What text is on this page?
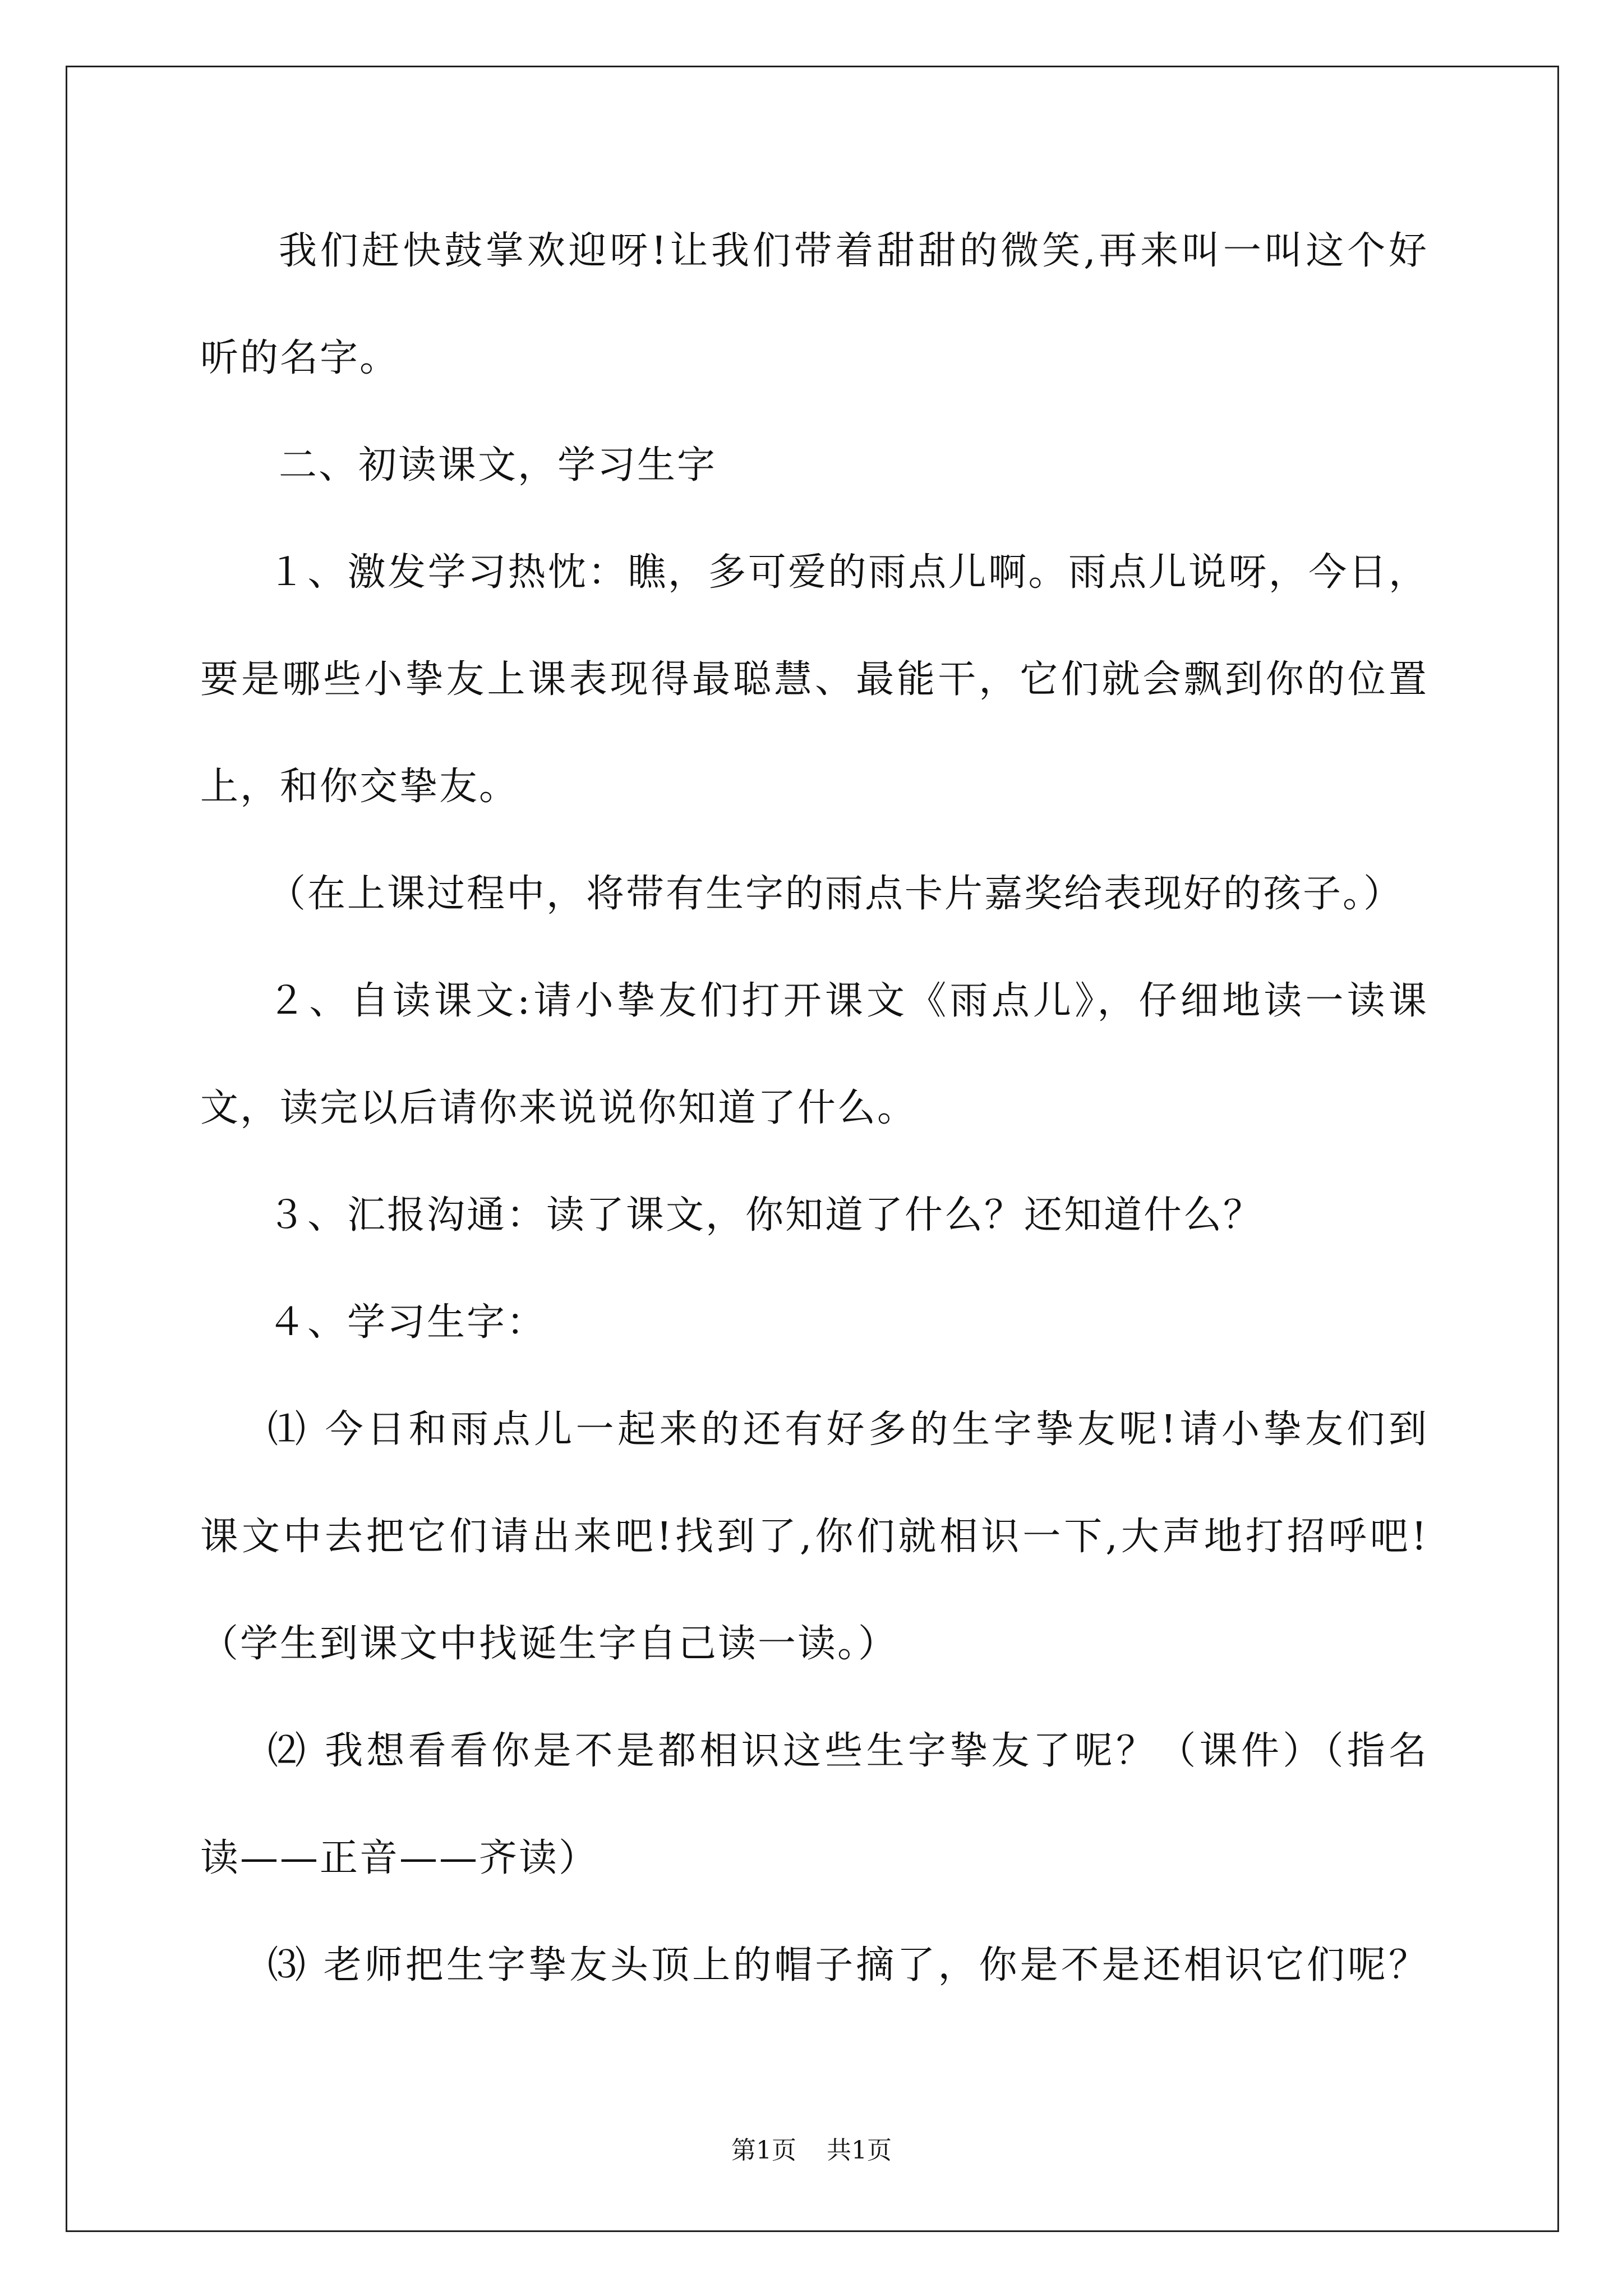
我们赶快鼓掌欢迎呀!让我们带着甜甜的微笑,再来叫一叫这个好
听的名字。
二、初读课文，学习生字
１、激发学习热忱：瞧，多可爱的雨点儿啊。雨点儿说呀，今日，
要是哪些小挚友上课表现得最聪慧、最能干，它们就会飘到你的位置
上，和你交挚友。
（在上课过程中，将带有生字的雨点卡片嘉奖给表现好的孩子。）
２、自读课文:请小挚友们打开课文《雨点儿》，仔细地读一读课
文，读完以后请你来说说你知道了什么。
３、汇报沟通：读了课文，你知道了什么？还知道什么？
４、学习生字：
⑴ 今日和雨点儿一起来的还有好多的生字挚友呢!请小挚友们到
课文中去把它们请出来吧!找到了,你们就相识一下,大声地打招呼吧!
（学生到课文中找诞生字自己读一读。）
⑵ 我想看看你是不是都相识这些生字挚友了呢？（课件）（指名
读——正音——齐读）
⑶ 老师把生字挚友头顶上的帽子摘了，你是不是还相识它们呢？
第1页 共1页
